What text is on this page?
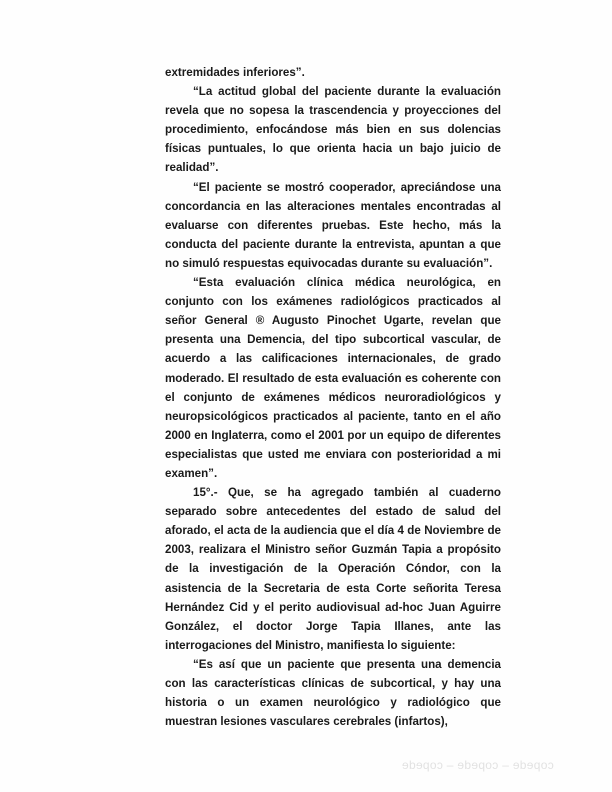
extremidades inferiores”.

“La actitud global del paciente durante la evaluación revela que no sopesa la trascendencia y proyecciones del procedimiento, enfocándose más bien en sus dolencias físicas puntuales, lo que orienta hacia un bajo juicio de realidad”.

“El paciente se mostró cooperador, apreciándose una concordancia en las alteraciones mentales encontradas al evaluarse con diferentes pruebas. Este hecho, más la conducta del paciente durante la entrevista, apuntan a que no simuló respuestas equivocadas durante su evaluación”.

“Esta evaluación clínica médica neurológica, en conjunto con los exámenes radiológicos practicados al señor General ® Augusto Pinochet Ugarte, revelan que presenta una Demencia, del tipo subcortical vascular, de acuerdo a las calificaciones internacionales, de grado moderado. El resultado de esta evaluación es coherente con el conjunto de exámenes médicos neuroradiológicos y neuropsicológicos practicados al paciente, tanto en el año 2000 en Inglaterra, como el 2001 por un equipo de diferentes especialistas que usted me enviara con posterioridad a mi examen”.

15°.- Que, se ha agregado también al cuaderno separado sobre antecedentes del estado de salud del aforado, el acta de la audiencia que el día 4 de Noviembre de 2003, realizara el Ministro señor Guzmán Tapia a propósito de la investigación de la Operación Cóndor, con la asistencia de la Secretaria de esta Corte señorita Teresa Hernández Cid y el perito audiovisual ad-hoc Juan Aguirre González, el doctor Jorge Tapia Illanes, ante las interrogaciones del Ministro, manifiesta lo siguiente:

“Es así que un paciente que presenta una demencia con las características clínicas de subcortical, y hay una historia o un examen neurológico y radiológico que muestran lesiones vasculares cerebrales (infartos),

ɘbɘqoɔ – ɘbɘqoɔ – ɘbɘqoɔ
